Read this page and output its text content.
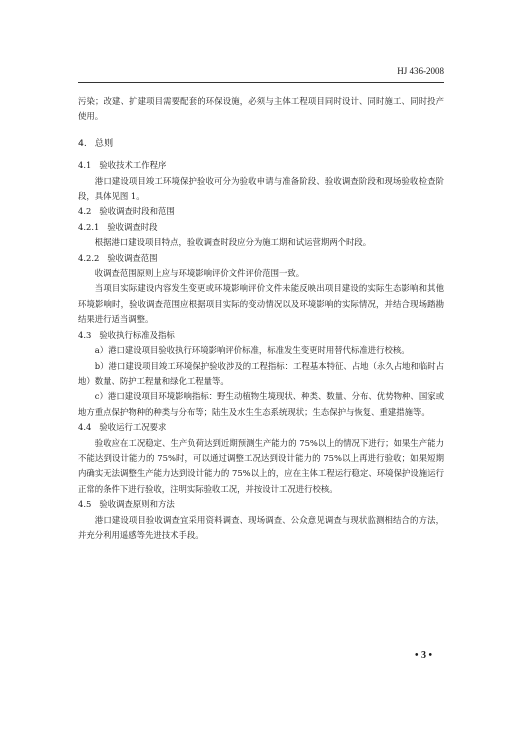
HJ 436-2008

污染；改建、扩建项目需要配套的环保设施，必须与主体工程项目同时设计、同时施工、同时投产使用。

4. 总则

4.1 验收技术工作程序

港口建设项目竣工环境保护验收可分为验收申请与准备阶段、验收调查阶段和现场验收检查阶段，具体见图 1。

4.2 验收调查时段和范围

4.2.1 验收调查时段

根据港口建设项目特点，验收调查时段应分为施工期和试运营期两个时段。

4.2.2 验收调查范围

收调查范围原则上应与环境影响评价文件评价范围一致。

当项目实际建设内容发生变更或环境影响评价文件未能反映出项目建设的实际生态影响和其他环境影响时，验收调查范围应根据项目实际的变动情况以及环境影响的实际情况，并结合现场踏勘结果进行适当调整。

4.3 验收执行标准及指标

a）港口建设项目验收执行环境影响评价标准，标准发生变更时用替代标准进行校核。

b）港口建设项目竣工环境保护验收涉及的工程指标：工程基本特征、占地（永久占地和临时占地）数量、防护工程量和绿化工程量等。

c）港口建设项目环境影响指标：野生动植物生境现状、种类、数量、分布、优势物种、国家或地方重点保护物种的种类与分布等；陆生及水生生态系统现状；生态保护与恢复、重建措施等。

4.4 验收运行工况要求

验收应在工况稳定、生产负荷达到近期预测生产能力的 75%以上的情况下进行；如果生产能力不能达到设计能力的 75%时，可以通过调整工况达到设计能力的 75%以上再进行验收；如果短期内确实无法调整生产能力达到设计能力的 75%以上的，应在主体工程运行稳定、环境保护设施运行正常的条件下进行验收，注明实际验收工况，并按设计工况进行校核。

4.5 验收调查原则和方法

港口建设项目验收调查宜采用资料调查、现场调查、公众意见调查与现状监测相结合的方法，并充分利用遥感等先进技术手段。

• 3 •
